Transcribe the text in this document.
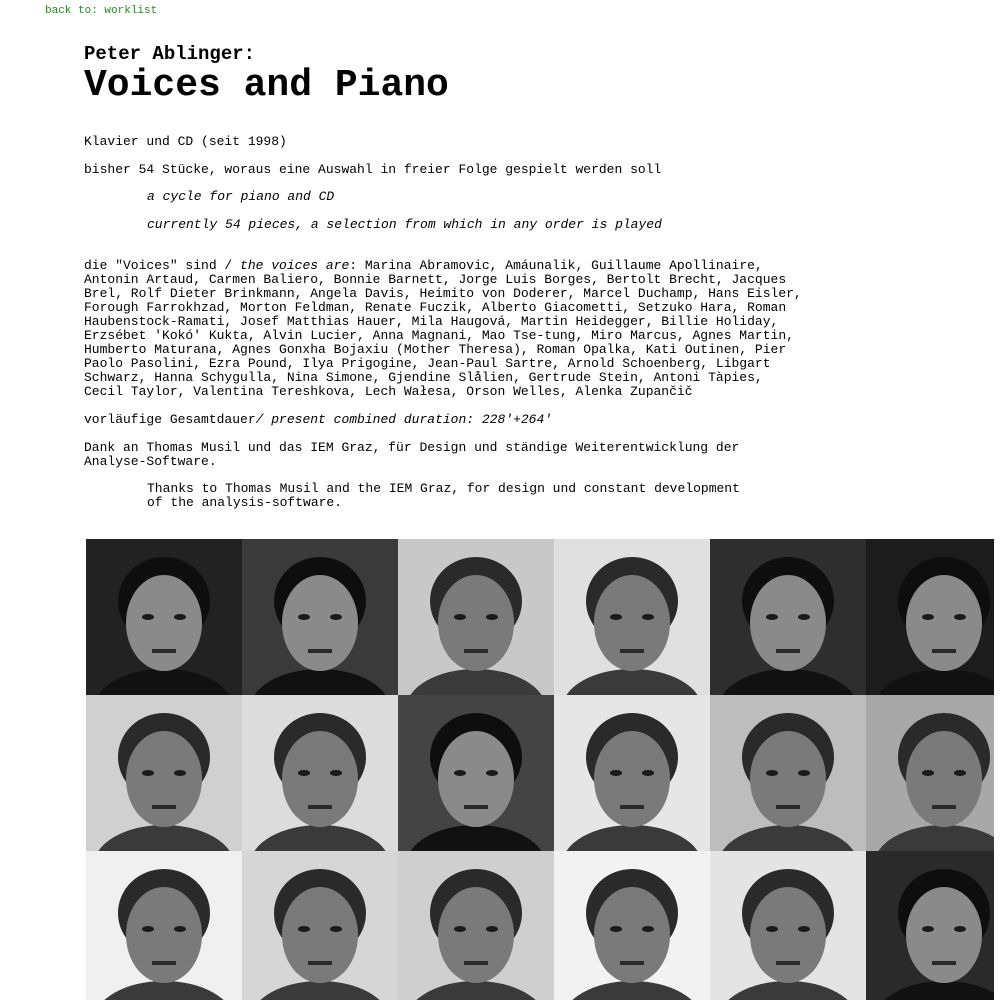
back to: worklist
Peter Ablinger:
Voices and Piano

Klavier und CD (seit 1998)

bisher 54 Stücke, woraus eine Auswahl in freier Folge gespielt werden soll

a cycle for piano and CD

currently 54 pieces, a selection from which in any order is played

die "Voices" sind / the voices are: Marina Abramovic, Amáunalik, Guillaume Apollinaire, Antonin Artaud, Carmen Baliero, Bonnie Barnett, Jorge Luis Borges, Bertolt Brecht, Jacques Brel, Rolf Dieter Brinkmann, Angela Davis, Heimito von Doderer, Marcel Duchamp, Hans Eisler, Forough Farrokhzad, Morton Feldman, Renate Fuczik, Alberto Giacometti, Setzuko Hara, Roman Haubenstock-Ramati, Josef Matthias Hauer, Mila Haugová, Martin Heidegger, Billie Holiday, Erzsébet 'Kokó' Kukta, Alvin Lucier, Anna Magnani, Mao Tse-tung, Miro Marcus, Agnes Martin, Humberto Maturana, Agnes Gonxha Bojaxiu (Mother Theresa), Roman Opalka, Kati Outinen, Pier Paolo Pasolini, Ezra Pound, Ilya Prigogine, Jean-Paul Sartre, Arnold Schoenberg, Libgart Schwarz, Hanna Schygulla, Nina Simone, Gjendine Slålien, Gertrude Stein, Antoni Tàpies, Cecil Taylor, Valentina Tereshkova, Lech Wałesa, Orson Welles, Alenka Zupančič

vorläufige Gesamtdauer/ present combined duration: 228'+264'

Dank an Thomas Musil und das IEM Graz, für Design und ständige Weiterentwicklung der Analyse-Software.

Thanks to Thomas Musil and the IEM Graz, for design und constant development of the analysis-software.
